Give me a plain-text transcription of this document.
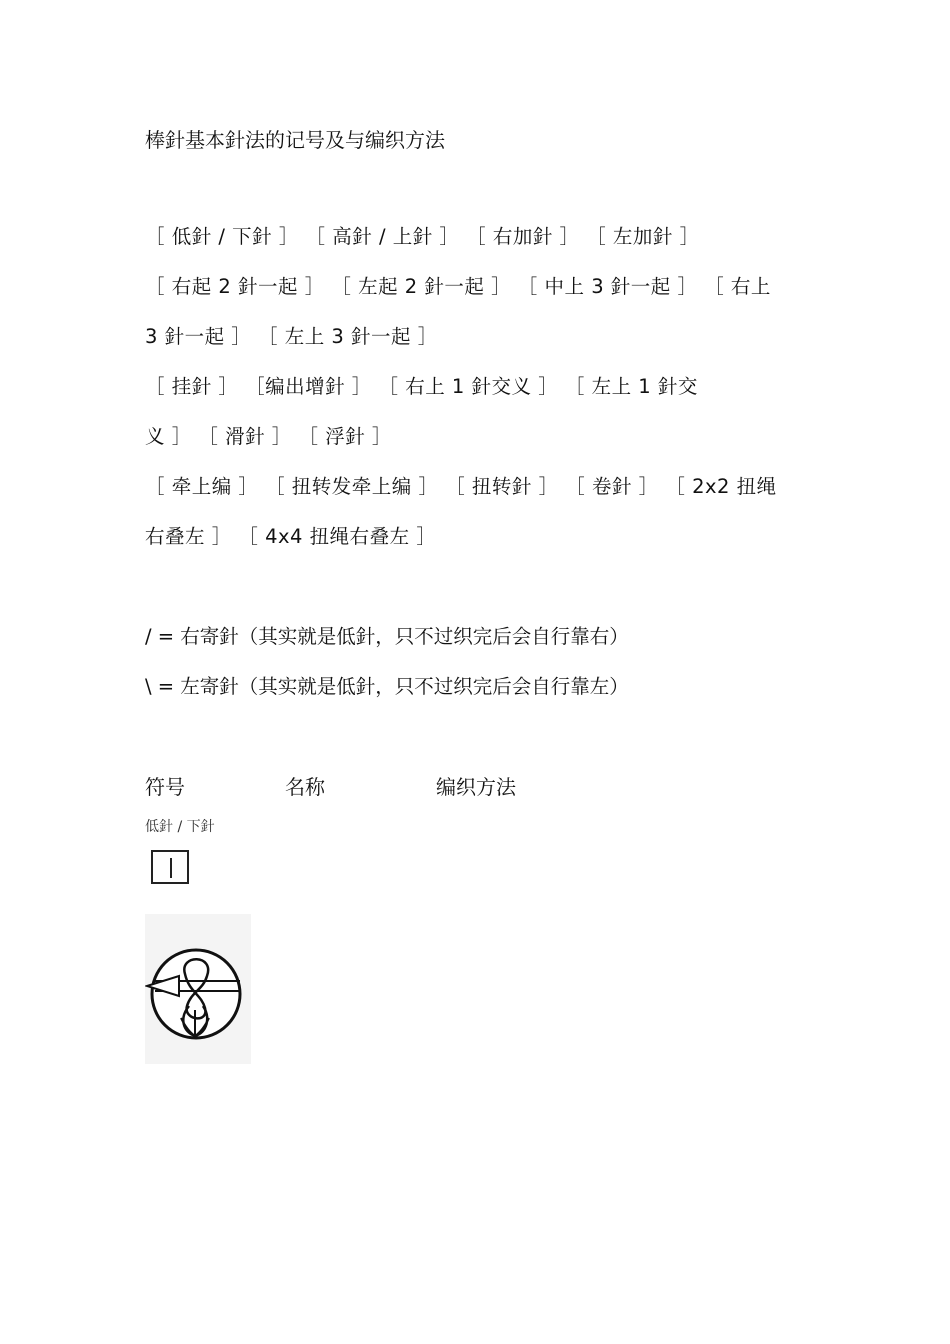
棒針基本針法的记号及与编织方法
［ 低針 / 下針 ］ ［ 高針 / 上針 ］ ［ 右加針 ］ ［ 左加針 ］
［ 右起 2 針一起 ］ ［ 左起 2 針一起 ］ ［ 中上 3 針一起 ］ ［ 右上
3 針一起 ］ ［ 左上 3 針一起 ］
［ 挂針 ］ ［编出增針 ］ ［ 右上 1 針交义 ］ ［ 左上 1 針交
义 ］ ［ 滑針 ］ ［ 浮針 ］
［ 牵上编 ］ ［ 扭转发牵上编 ］ ［ 扭转針 ］ ［ 卷針 ］ ［ 2x2 扭绳
右叠左 ］ ［ 4x4 扭绳右叠左 ］
/ = 右寄針（其实就是低針，只不过织完后会自行靠右）
\ = 左寄針（其实就是低針，只不过织完后会自行靠左）
符号	名称	编织方法
低針 / 下針
